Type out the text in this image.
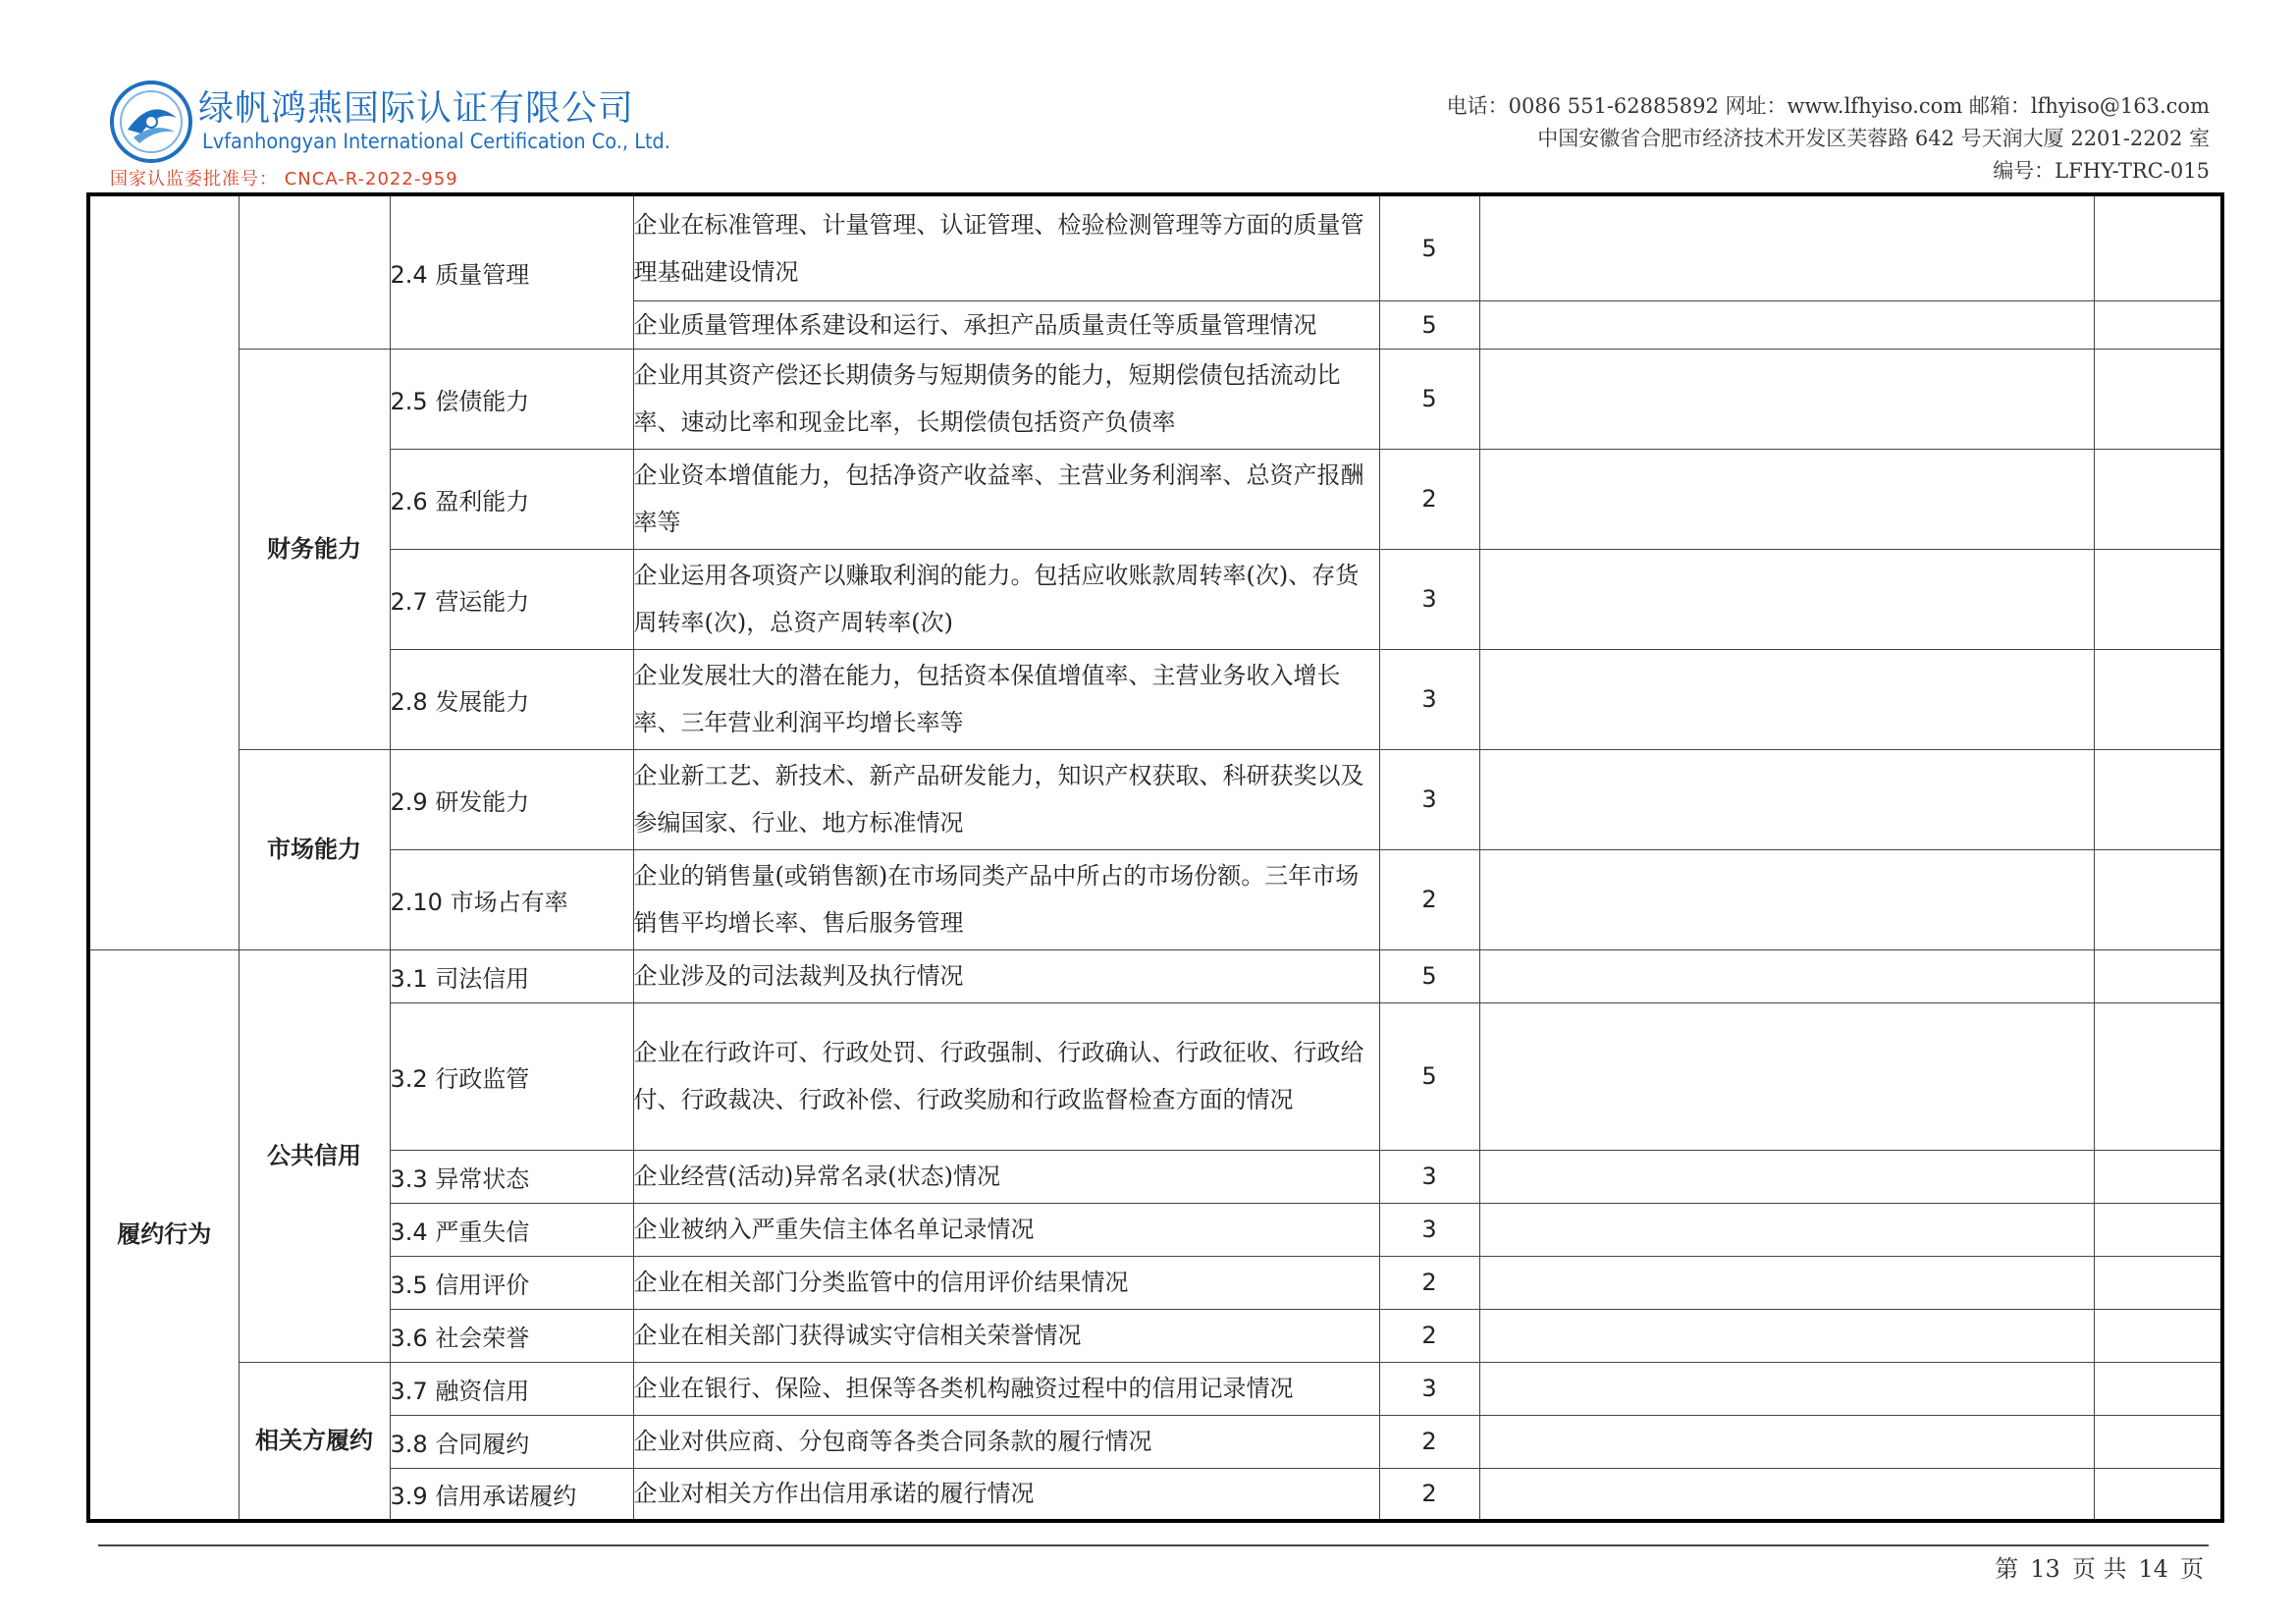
绿帆鸿燕国际认证有限公司
Lvfanhongyan International Certification Co., Ltd.
国家认监委批准号： CNCA-R-2022-959
电话：0086 551-62885892 网址：www.lfhyiso.com 邮箱：lfhyiso@163.com
中国安徽省合肥市经济技术开发区芙蓉路 642 号天润大厦 2201-2202 室
编号：LFHY-TRC-015
		2.4 质量管理	企业在标准管理、计量管理、认证管理、检验检测管理等方面的质量管理基础建设情况	5		
			企业质量管理体系建设和运行、承担产品质量责任等质量管理情况	5		
	财务能力	2.5 偿债能力	企业用其资产偿还长期债务与短期债务的能力，短期偿债包括流动比率、速动比率和现金比率，长期偿债包括资产负债率	5		
		2.6 盈利能力	企业资本增值能力，包括净资产收益率、主营业务利润率、总资产报酬率等	2		
		2.7 营运能力	企业运用各项资产以赚取利润的能力。包括应收账款周转率(次)、存货周转率(次)，总资产周转率(次)	3		
		2.8 发展能力	企业发展壮大的潜在能力，包括资本保值增值率、主营业务收入增长率、三年营业利润平均增长率等	3		
	市场能力	2.9 研发能力	企业新工艺、新技术、新产品研发能力，知识产权获取、科研获奖以及参编国家、行业、地方标准情况	3		
		2.10 市场占有率	企业的销售量(或销售额)在市场同类产品中所占的市场份额。三年市场销售平均增长率、售后服务管理	2		
履约行为	公共信用	3.1 司法信用	企业涉及的司法裁判及执行情况	5		
		3.2 行政监管	企业在行政许可、行政处罚、行政强制、行政确认、行政征收、行政给付、行政裁决、行政补偿、行政奖励和行政监督检查方面的情况	5		
		3.3 异常状态	企业经营(活动)异常名录(状态)情况	3		
		3.4 严重失信	企业被纳入严重失信主体名单记录情况	3		
		3.5 信用评价	企业在相关部门分类监管中的信用评价结果情况	2		
		3.6 社会荣誉	企业在相关部门获得诚实守信相关荣誉情况	2		
	相关方履约	3.7 融资信用	企业在银行、保险、担保等各类机构融资过程中的信用记录情况	3		
		3.8 合同履约	企业对供应商、分包商等各类合同条款的履行情况	2		
		3.9 信用承诺履约	企业对相关方作出信用承诺的履行情况	2		
第 13 页 共 14 页
